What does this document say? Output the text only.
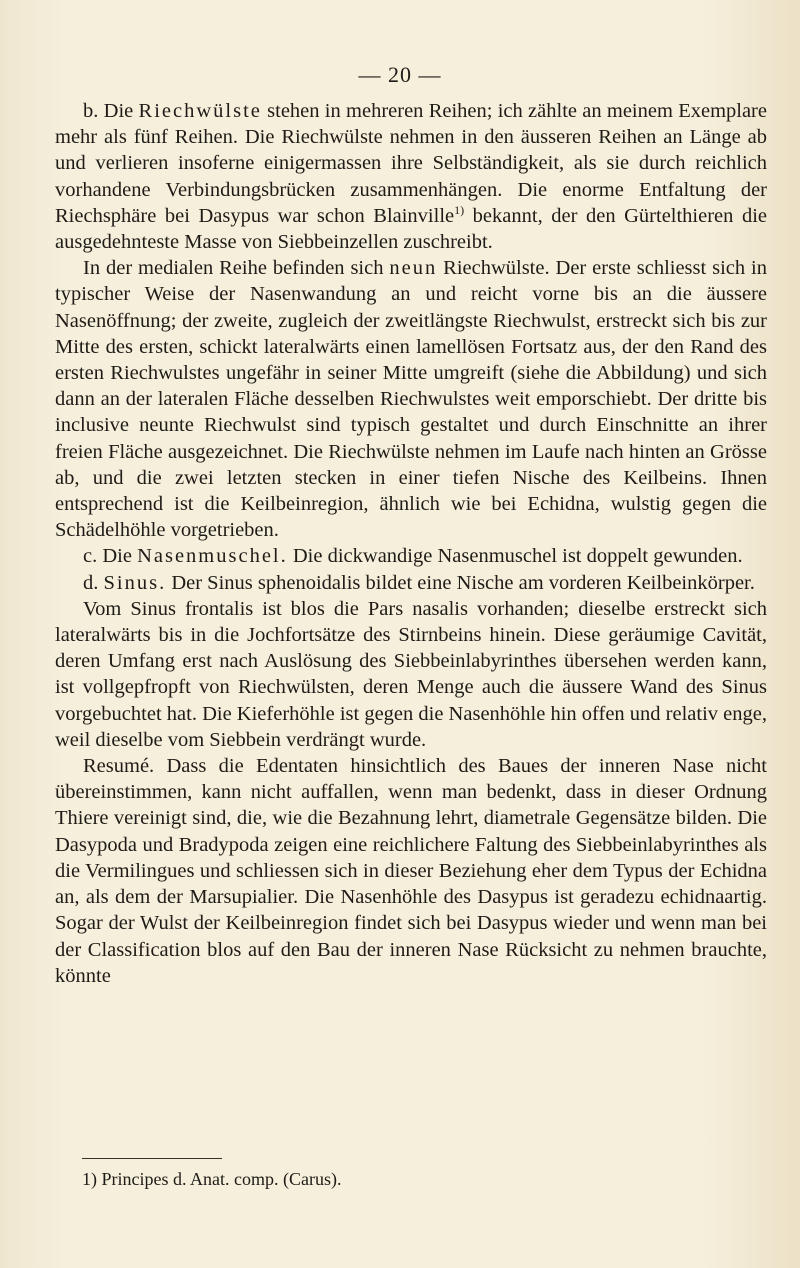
— 20 —

b. Die Riechwülste stehen in mehreren Reihen; ich zählte an meinem Exemplare mehr als fünf Reihen. Die Riechwülste nehmen in den äusseren Reihen an Länge ab und verlieren insoferne einigermassen ihre Selbständigkeit, als sie durch reichlich vorhandene Verbindungsbrücken zusammenhängen. Die enorme Entfaltung der Riechsphäre bei Dasypus war schon Blainville$^{1)}$ bekannt, der den Gürtelthieren die ausgedehnteste Masse von Siebbeinzellen zuschreibt.

In der medialen Reihe befinden sich neun Riechwülste. Der erste schliesst sich in typischer Weise der Nasenwandung an und reicht vorne bis an die äussere Nasenöffnung; der zweite, zugleich der zweitlängste Riechwulst, erstreckt sich bis zur Mitte des ersten, schickt lateralwärts einen lamellösen Fortsatz aus, der den Rand des ersten Riechwulstes ungefähr in seiner Mitte umgreift (siehe die Abbildung) und sich dann an der lateralen Fläche desselben Riechwulstes weit emporschiebt. Der dritte bis inclusive neunte Riechwulst sind typisch gestaltet und durch Einschnitte an ihrer freien Fläche ausgezeichnet. Die Riechwülste nehmen im Laufe nach hinten an Grösse ab, und die zwei letzten stecken in einer tiefen Nische des Keilbeins. Ihnen entsprechend ist die Keilbeinregion, ähnlich wie bei Echidna, wulstig gegen die Schädelhöhle vorgetrieben.

c. Die Nasenmuschel. Die dickwandige Nasenmuschel ist doppelt gewunden.

d. Sinus. Der Sinus sphenoidalis bildet eine Nische am vorderen Keilbeinkörper.

Vom Sinus frontalis ist blos die Pars nasalis vorhanden; dieselbe erstreckt sich lateralwärts bis in die Jochfortsätze des Stirnbeins hinein. Diese geräumige Cavität, deren Umfang erst nach Auslösung des Siebbeinlabyrinthes übersehen werden kann, ist vollgepfropft von Riechwülsten, deren Menge auch die äussere Wand des Sinus vorgebuchtet hat. Die Kieferhöhle ist gegen die Nasenhöhle hin offen und relativ enge, weil dieselbe vom Siebbein verdrängt wurde.

Resumé. Dass die Edentaten hinsichtlich des Baues der inneren Nase nicht übereinstimmen, kann nicht auffallen, wenn man bedenkt, dass in dieser Ordnung Thiere vereinigt sind, die, wie die Bezahnung lehrt, diametrale Gegensätze bilden. Die Dasypoda und Bradypoda zeigen eine reichlichere Faltung des Siebbeinlabyrinthes als die Vermilingues und schliessen sich in dieser Beziehung eher dem Typus der Echidna an, als dem der Marsupialier. Die Nasenhöhle des Dasypus ist geradezu echidnaartig. Sogar der Wulst der Keilbeinregion findet sich bei Dasypus wieder und wenn man bei der Classification blos auf den Bau der inneren Nase Rücksicht zu nehmen brauchte, könnte

1) Principes d. Anat. comp. (Carus).
